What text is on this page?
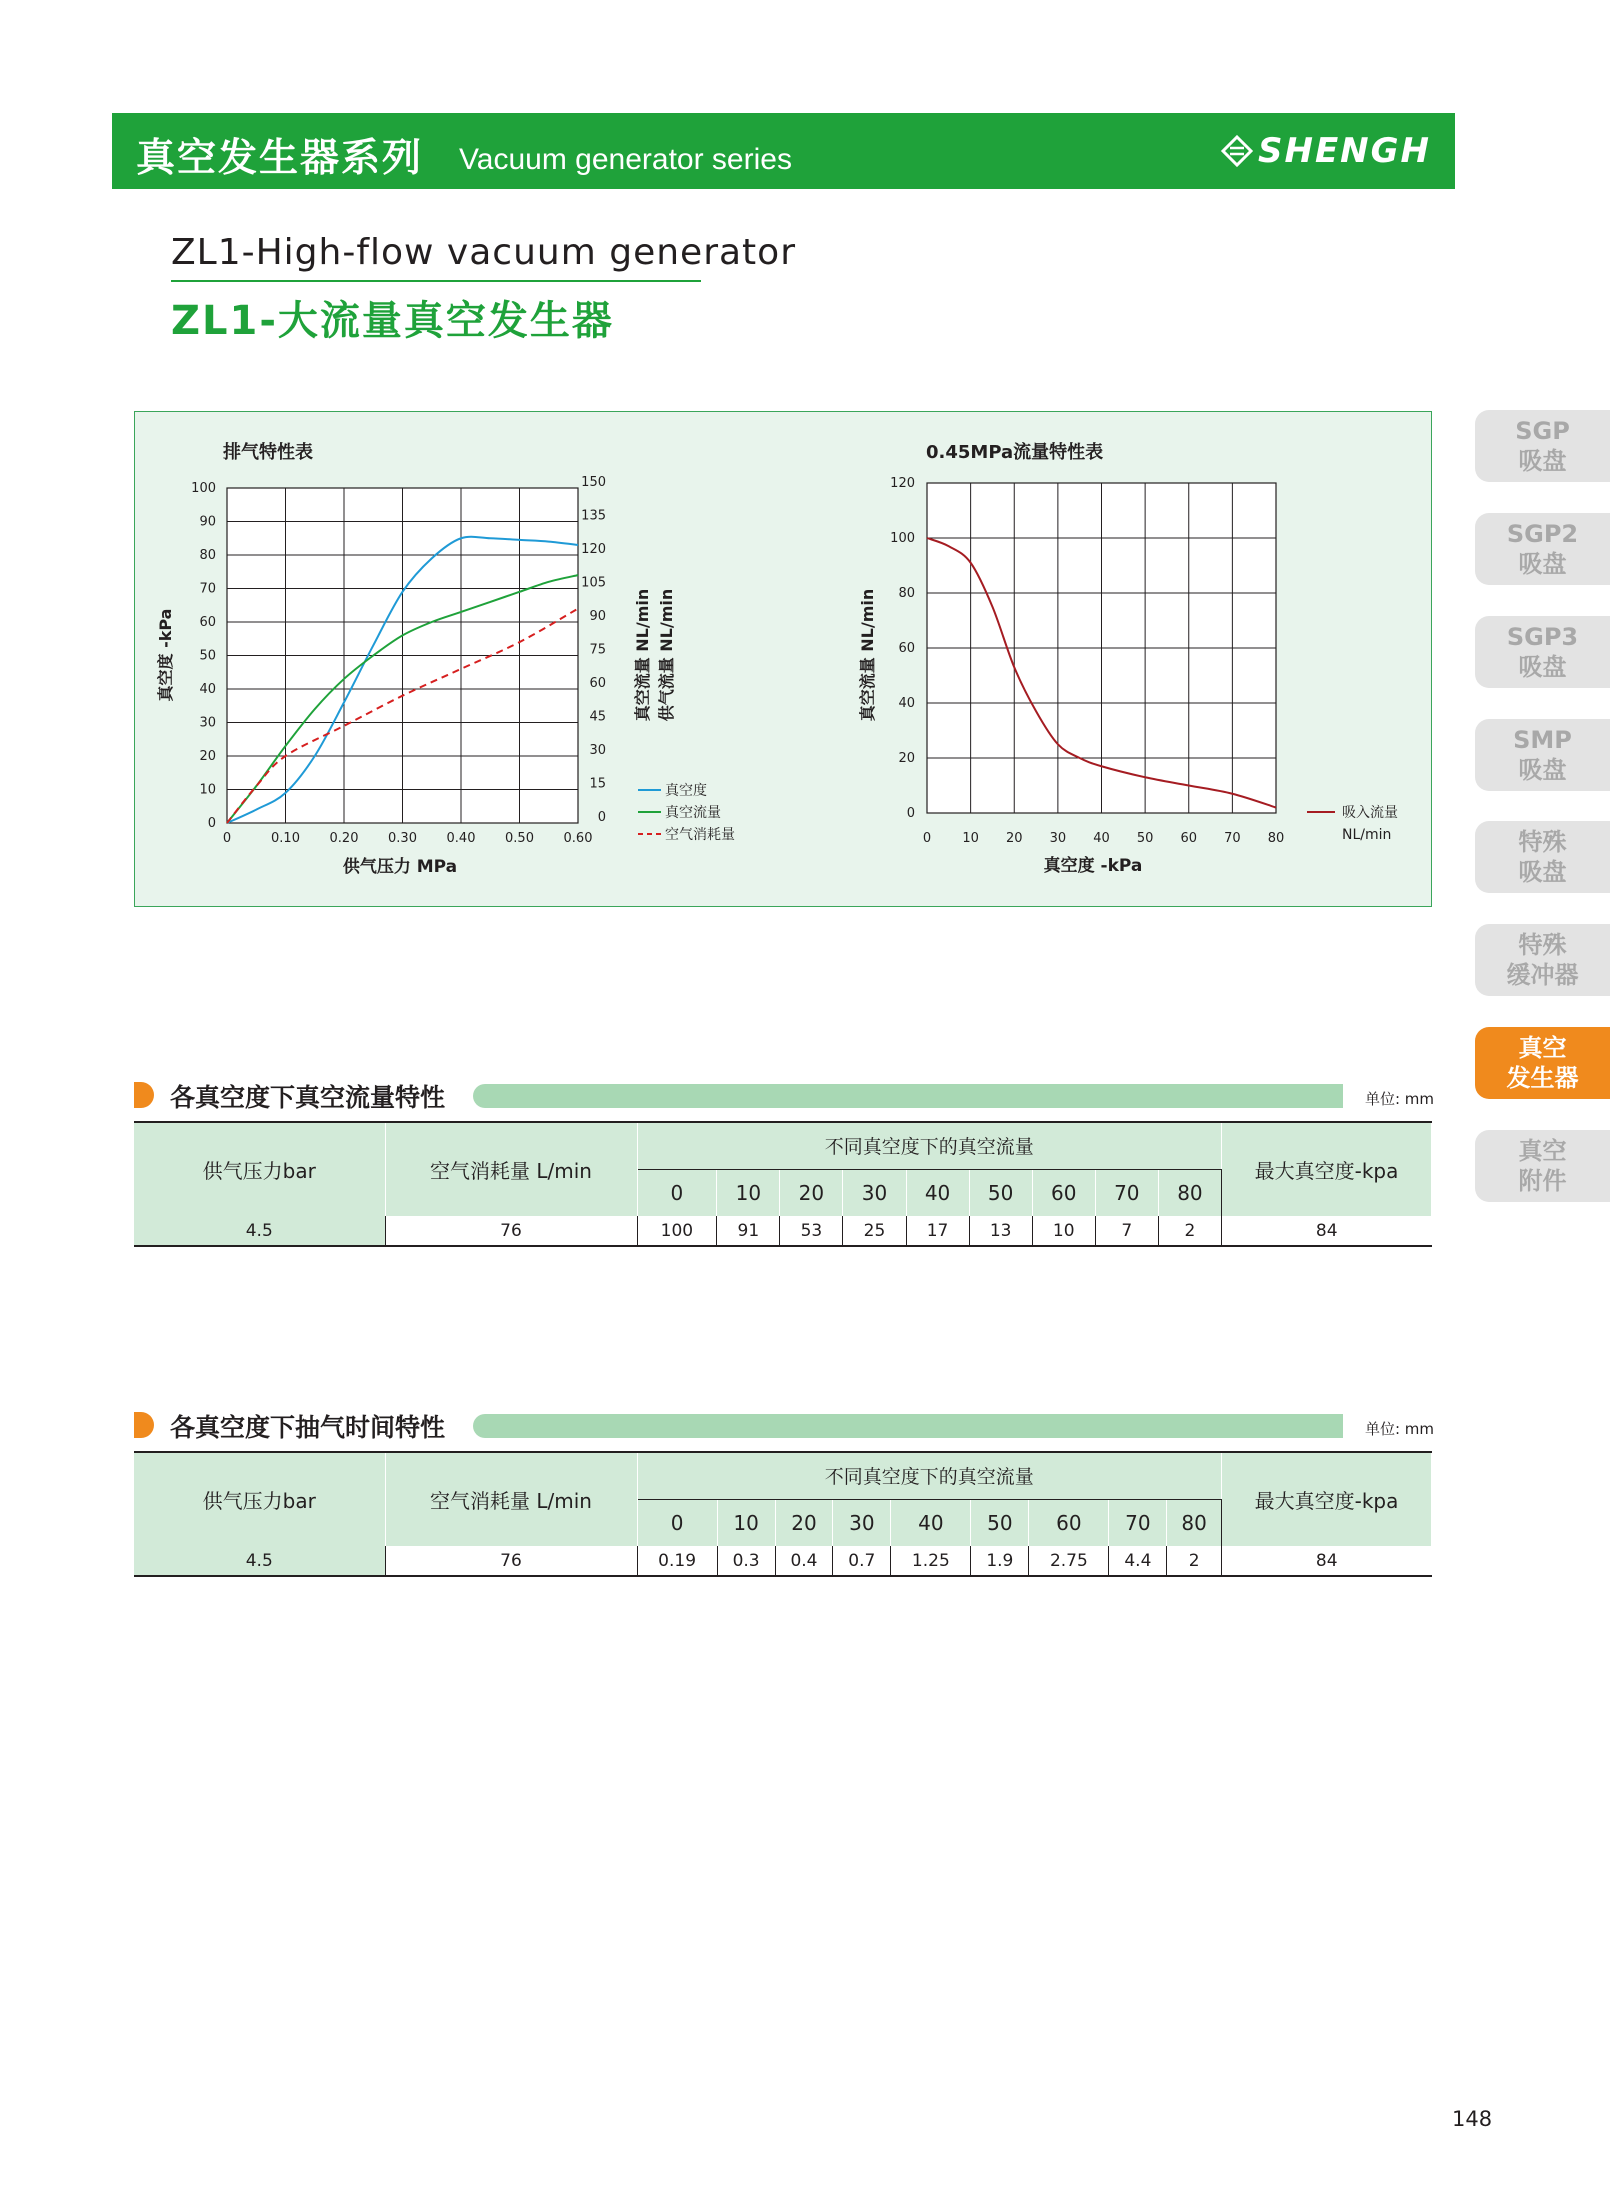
真空发生器系列 Vacuum generator series	SHENGH
ZL1-High-flow vacuum generator
ZL1-大流量真空发生器
0	0.10 0.20 0.30 0.40 0.50 0.60
0
10
20
30
40
50
60
70
80
90
100
0
15
30
45
60
75
90
105
120
135
150
排气特性表
供气压力 MPa
真空度 -kPa	真空流量 NL/min 供气流量 NL/min
真空度
真空流量
空气消耗量	0 10 20 30 40 50 60 70 80
0
20
40
60
80
100
120
0.45MPa流量特性表
真空度 -kPa
真空流量 NL/min
吸入流量
NL/min
SGP
吸盘
SGP2
吸盘
SGP3
吸盘
SMP
吸盘
特殊
吸盘
特殊
缓冲器
真空
发生器
真空
附件
各真空度下真空流量特性	单位: mm
供气压力bar	空气消耗量 L/min	不同真空度下的真空流量									最大真空度-kpa
		0	10	20	30	40	50	60	70	80	
4.5	76	100	91	53	25	17	13	10	7	2	84
各真空度下抽气时间特性	单位: mm
供气压力bar	空气消耗量 L/min	不同真空度下的真空流量									最大真空度-kpa
		0	10	20	30	40	50	60	70	80	
4.5	76	0.19	0.3	0.4	0.7	1.25	1.9	2.75	4.4	2	84
148
